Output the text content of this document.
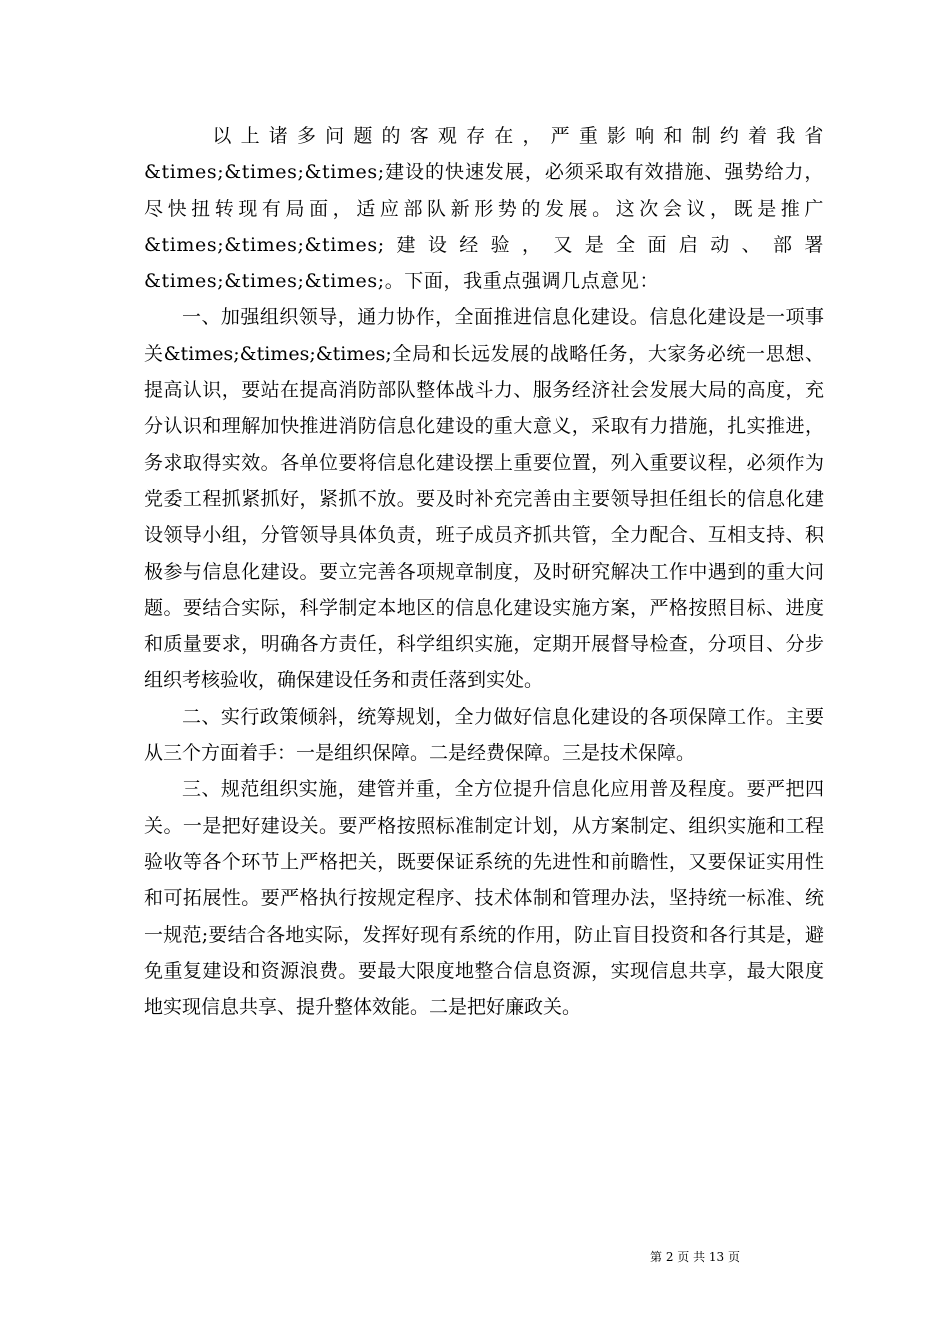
以上诸多问题的客观存在，严重影响和制约着我省&times;&times;&times;建设的快速发展，必须采取有效措施、强势给力，尽快扭转现有局面，适应部队新形势的发展。这次会议，既是推广&times;&times;&times;建设经验，又是全面启动、部署&times;&times;&times;。下面，我重点强调几点意见：

一、加强组织领导，通力协作，全面推进信息化建设。信息化建设是一项事关&times;&times;&times;全局和长远发展的战略任务，大家务必统一思想、提高认识，要站在提高消防部队整体战斗力、服务经济社会发展大局的高度，充分认识和理解加快推进消防信息化建设的重大意义，采取有力措施，扎实推进，务求取得实效。各单位要将信息化建设摆上重要位置，列入重要议程，必须作为党委工程抓紧抓好，紧抓不放。要及时补充完善由主要领导担任组长的信息化建设领导小组，分管领导具体负责，班子成员齐抓共管，全力配合、互相支持、积极参与信息化建设。要立完善各项规章制度，及时研究解决工作中遇到的重大问题。要结合实际，科学制定本地区的信息化建设实施方案，严格按照目标、进度和质量要求，明确各方责任，科学组织实施，定期开展督导检查，分项目、分步组织考核验收，确保建设任务和责任落到实处。

二、实行政策倾斜，统筹规划，全力做好信息化建设的各项保障工作。主要从三个方面着手：一是组织保障。二是经费保障。三是技术保障。

三、规范组织实施，建管并重，全方位提升信息化应用普及程度。要严把四关。一是把好建设关。要严格按照标准制定计划，从方案制定、组织实施和工程验收等各个环节上严格把关，既要保证系统的先进性和前瞻性，又要保证实用性和可拓展性。要严格执行按规定程序、技术体制和管理办法，坚持统一标准、统一规范;要结合各地实际，发挥好现有系统的作用，防止盲目投资和各行其是，避免重复建设和资源浪费。要最大限度地整合信息资源，实现信息共享，最大限度地实现信息共享、提升整体效能。二是把好廉政关。

第 2 页 共 13 页
